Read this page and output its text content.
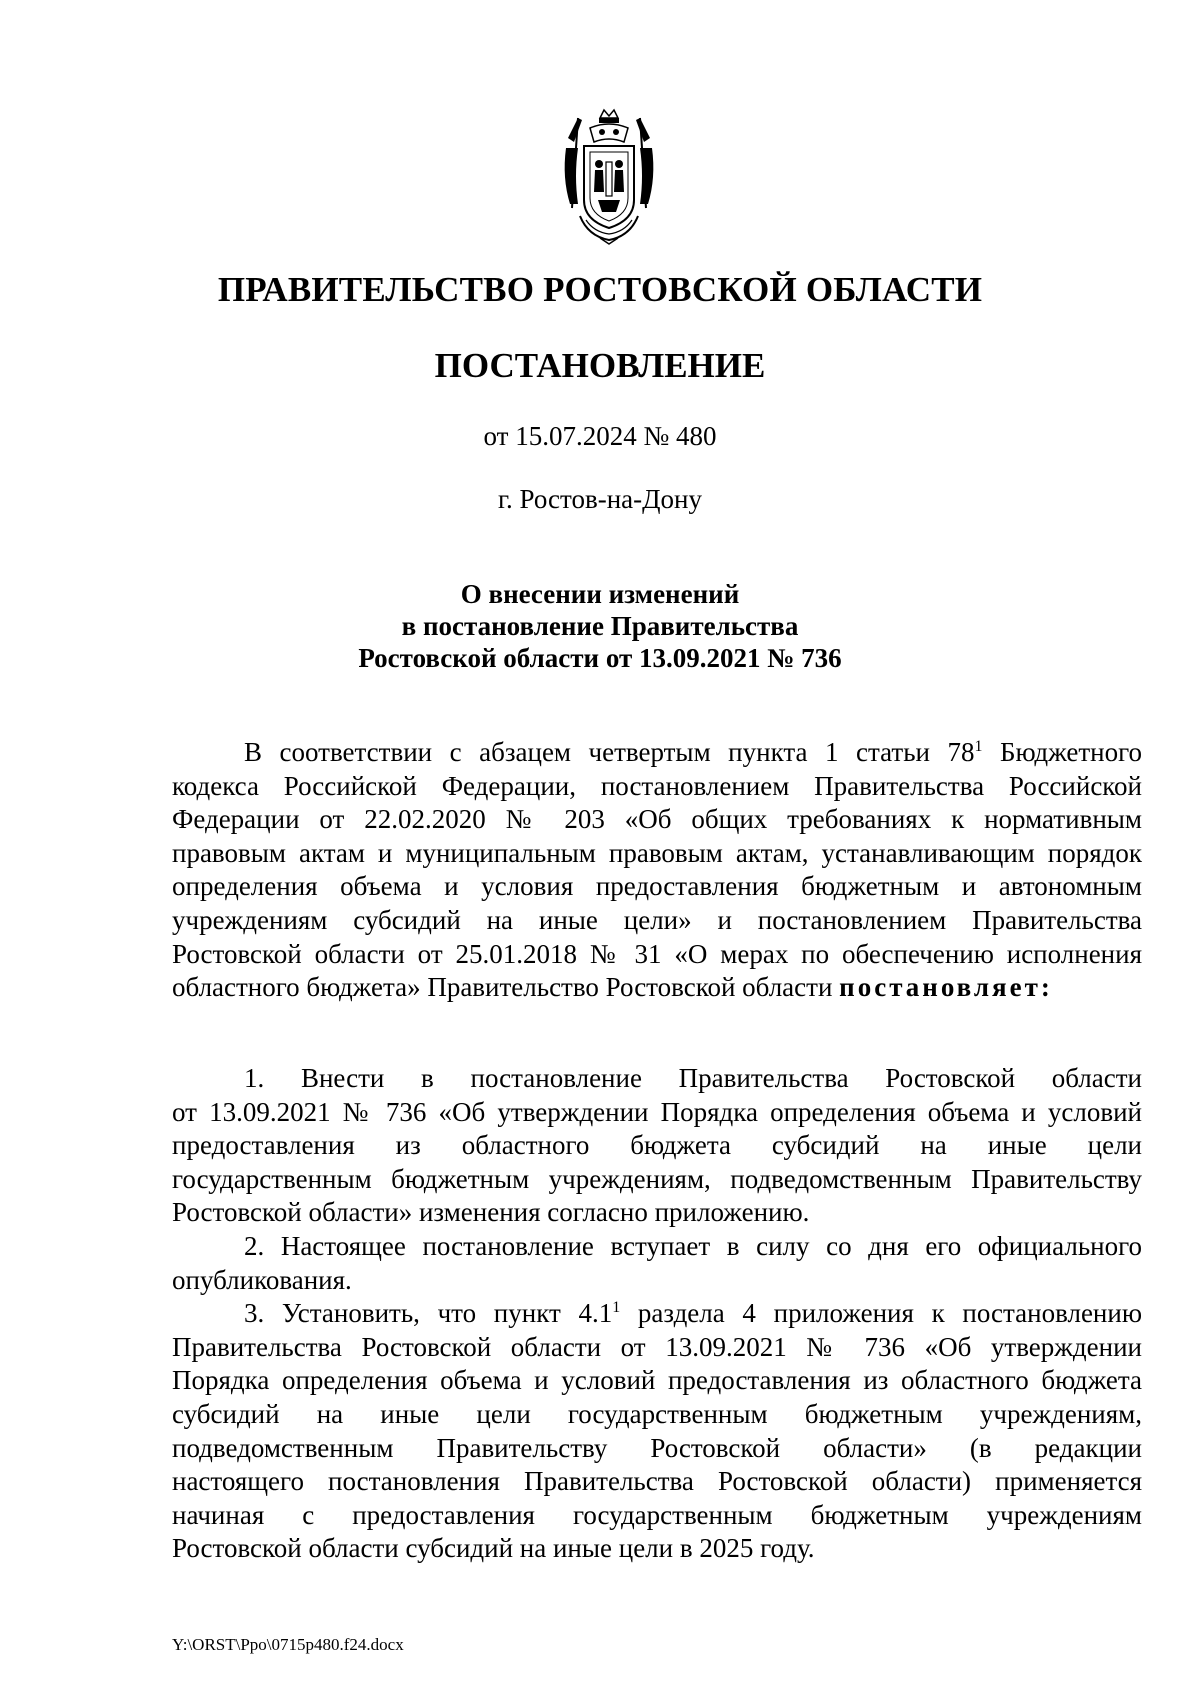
ПРАВИТЕЛЬСТВО РОСТОВСКОЙ ОБЛАСТИ
ПОСТАНОВЛЕНИЕ
от 15.07.2024 № 480
г. Ростов-на-Дону
О внесении изменений
в постановление Правительства
Ростовской области от 13.09.2021 № 736
В соответствии с абзацем четвертым пункта 1 статьи $78^1$ Бюджетного
кодекса Российской Федерации, постановлением Правительства Российской
Федерации от 22.02.2020 № 203 «Об общих требованиях к нормативным
правовым актам и муниципальным правовым актам, устанавливающим порядок
определения объема и условия предоставления бюджетным и автономным
учреждениям субсидий на иные цели» и постановлением Правительства
Ростовской области от 25.01.2018 № 31 «О мерах по обеспечению исполнения
областного бюджета» Правительство Ростовской области постановляет:
1. Внести в постановление Правительства Ростовской области
от 13.09.2021 № 736 «Об утверждении Порядка определения объема и условий
предоставления из областного бюджета субсидий на иные цели
государственным бюджетным учреждениям, подведомственным Правительству
Ростовской области» изменения согласно приложению.
2. Настоящее постановление вступает в силу со дня его официального
опубликования.
3. Установить, что пункт $4.1^1$ раздела 4 приложения к постановлению
Правительства Ростовской области от 13.09.2021 № 736 «Об утверждении
Порядка определения объема и условий предоставления из областного бюджета
субсидий на иные цели государственным бюджетным учреждениям,
подведомственным Правительству Ростовской области» (в редакции
настоящего постановления Правительства Ростовской области) применяется
начиная с предоставления государственным бюджетным учреждениям
Ростовской области субсидий на иные цели в 2025 году.
Y:\ORST\Ppo\0715p480.f24.docx
